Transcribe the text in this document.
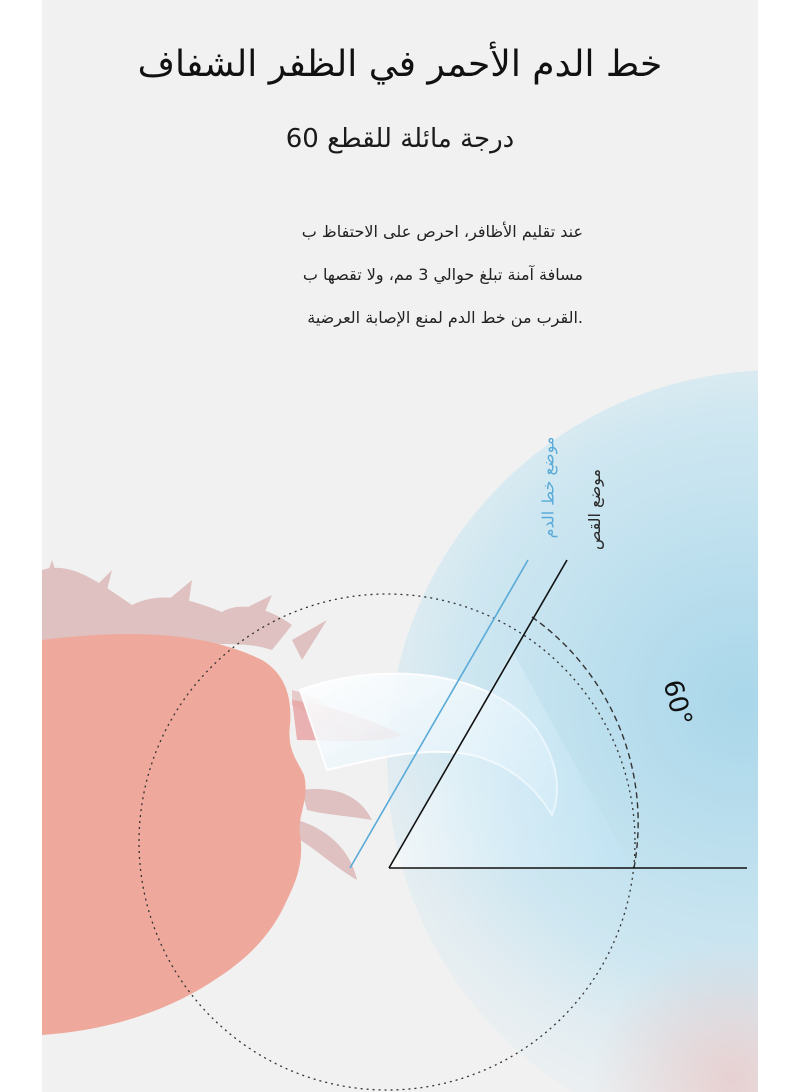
خط الدم الأحمر في الظفر الشفاف
درجة مائلة للقطع 60
عند تقليم الأظافر، احرص على الاحتفاظ ب
مسافة آمنة تبلغ حوالي 3 مم، ولا تقصها ب
.القرب من خط الدم لمنع الإصابة العرضية
موضع القص
موضع خط الدم
60°
